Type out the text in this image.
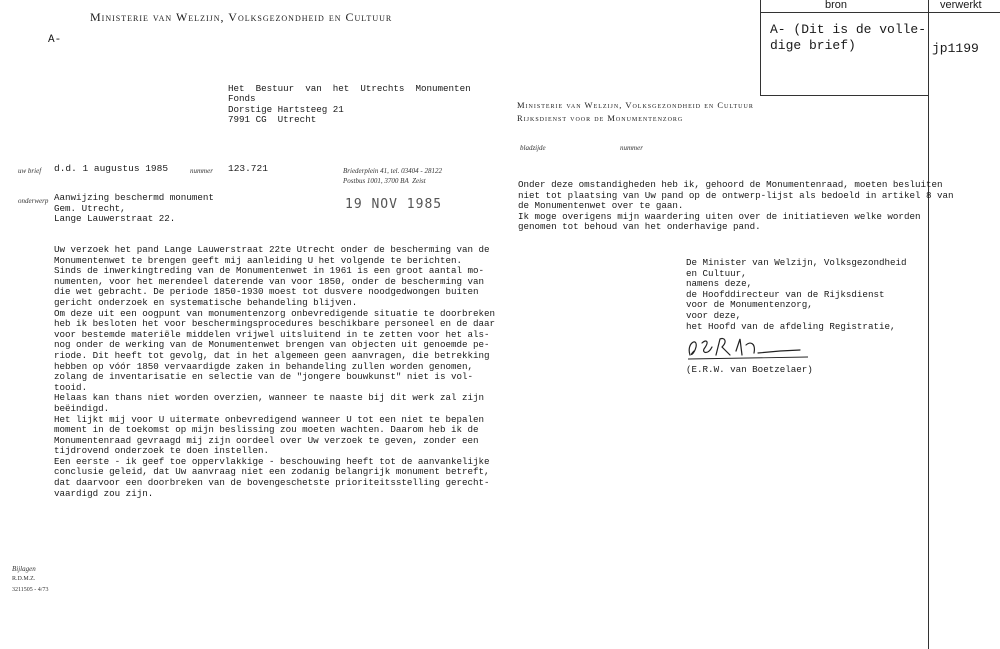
bron	verwerkt
A- (Dit is de volle-
dige brief)	jp1199
Ministerie van Welzijn, Volksgezondheid en Cultuur
A-
Het  Bestuur  van  het  Utrechts  Monumenten
Fonds
Dorstige Hartsteeg 21
7991 CG  Utrecht
uw brief d.d. 1 augustus 1985	nummer 123.721	Briederplein 41, tel. 03404 - 28122
Postbus 1001, 3700 BA  Zeist
onderwerp Aanwijzing beschermd monument
Gem. Utrecht,
Lange Lauwerstraat 22.
19 NOV 1985
Uw verzoek het pand Lange Lauwerstraat 22te Utrecht onder de bescherming van de
Monumentenwet te brengen geeft mij aanleiding U het volgende te berichten.
Sinds de inwerkingtreding van de Monumentenwet in 1961 is een groot aantal mo-
numenten, voor het merendeel daterende van voor 1850, onder de bescherming van
die wet gebracht. De periode 1850-1930 moest tot dusvere noodgedwongen buiten
gericht onderzoek en systematische behandeling blijven.
Om deze uit een oogpunt van monumentenzorg onbevredigende situatie te doorbreken
heb ik besloten het voor beschermingsprocedures beschikbare personeel en de daar
voor bestemde materiële middelen vrijwel uitsluitend in te zetten voor het als-
nog onder de werking van de Monumentenwet brengen van objecten uit genoemde pe-
riode. Dit heeft tot gevolg, dat in het algemeen geen aanvragen, die betrekking
hebben op vóór 1850 vervaardigde zaken in behandeling zullen worden genomen,
zolang de inventarisatie en selectie van de "jongere bouwkunst" niet is vol-
tooid.
Helaas kan thans niet worden overzien, wanneer te naaste bij dit werk zal zijn
beëindigd.
Het lijkt mij voor U uitermate onbevredigend wanneer U tot een niet te bepalen
moment in de toekomst op mijn beslissing zou moeten wachten. Daarom heb ik de
Monumentenraad gevraagd mij zijn oordeel over Uw verzoek te geven, zonder een
tijdrovend onderzoek te doen instellen.
Een eerste - ik geef toe oppervlakkige - beschouwing heeft tot de aanvankelijke
conclusie geleid, dat Uw aanvraag niet een zodanig belangrijk monument betreft,
dat daarvoor een doorbreken van de bovengeschetste prioriteitsstelling gerecht-
vaardigd zou zijn.
Bijlagen
R.D.M.Z.
3211505 - 4/73
Ministerie van Welzijn, Volksgezondheid en Cultuur
Rijksdienst voor de Monumentenzorg
bladzijde	nummer
Onder deze omstandigheden heb ik, gehoord de Monumentenraad, moeten besluiten
niet tot plaatsing van Uw pand op de ontwerp-lijst als bedoeld in artikel 8 van
de Monumentenwet over te gaan.
Ik moge overigens mijn waardering uiten over de initiatieven welke worden
genomen tot behoud van het onderhavige pand.
De Minister van Welzijn, Volksgezondheid
en Cultuur,
namens deze,
de Hoofddirecteur van de Rijksdienst
voor de Monumentenzorg,
voor deze,
het Hoofd van de afdeling Registratie,
(E.R.W. van Boetzelaer)
